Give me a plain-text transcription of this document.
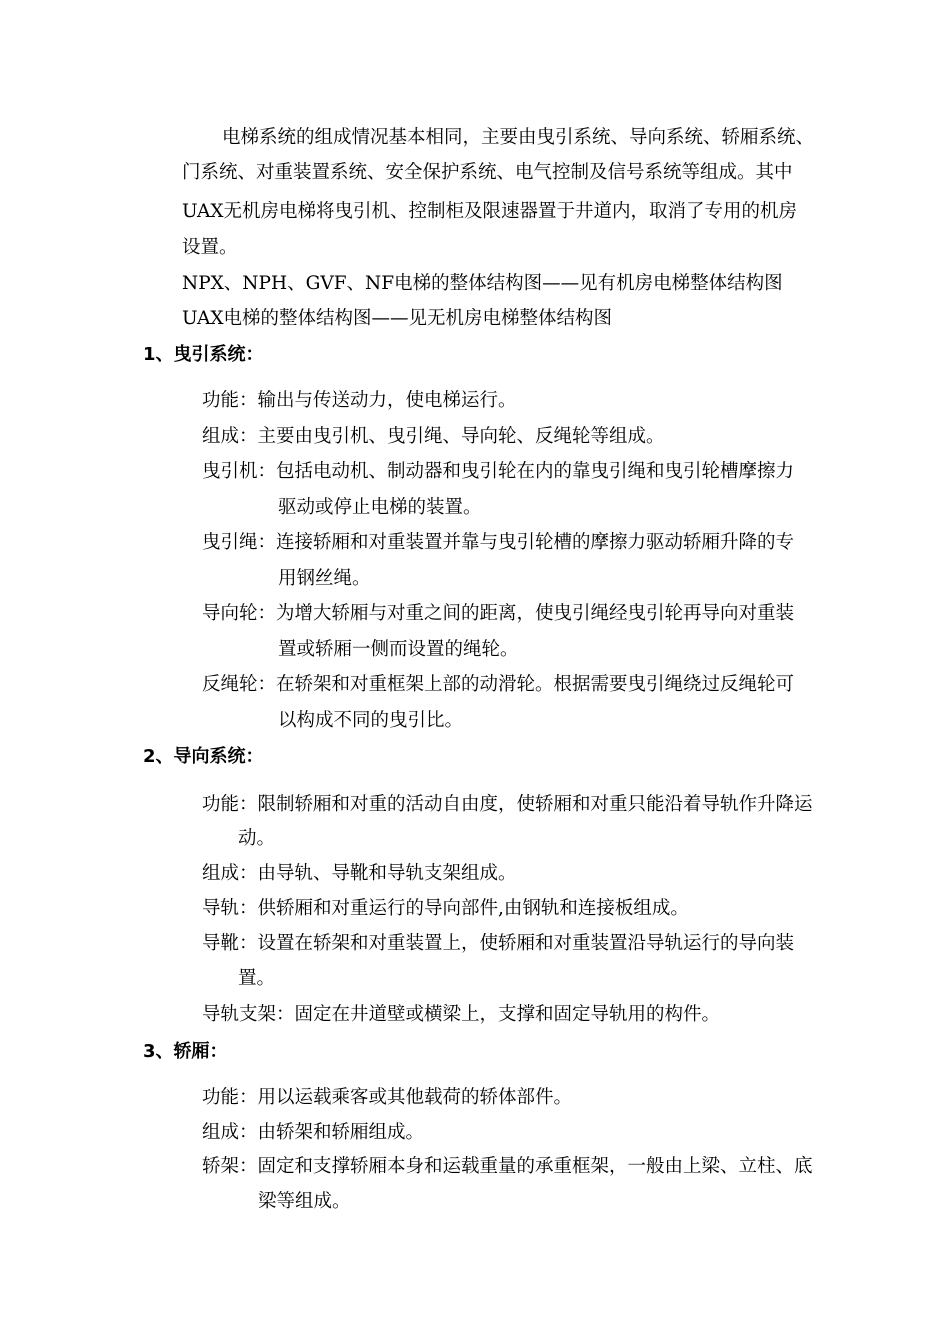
电梯系统的组成情况基本相同，主要由曳引系统、导向系统、轿厢系统、
门系统、对重装置系统、安全保护系统、电气控制及信号系统等组成。其中
UAX无机房电梯将曳引机、控制柜及限速器置于井道内，取消了专用的机房
设置。
NPX、NPH、GVF、NF电梯的整体结构图——见有机房电梯整体结构图
UAX电梯的整体结构图——见无机房电梯整体结构图
1、曳引系统：
功能：输出与传送动力，使电梯运行。
组成：主要由曳引机、曳引绳、导向轮、反绳轮等组成。
曳引机：包括电动机、制动器和曳引轮在内的靠曳引绳和曳引轮槽摩擦力
驱动或停止电梯的装置。
曳引绳：连接轿厢和对重装置并靠与曳引轮槽的摩擦力驱动轿厢升降的专
用钢丝绳。
导向轮：为增大轿厢与对重之间的距离，使曳引绳经曳引轮再导向对重装
置或轿厢一侧而设置的绳轮。
反绳轮：在轿架和对重框架上部的动滑轮。根据需要曳引绳绕过反绳轮可
以构成不同的曳引比。
2、导向系统：
功能：限制轿厢和对重的活动自由度，使轿厢和对重只能沿着导轨作升降运
动。
组成：由导轨、导靴和导轨支架组成。
导轨：供轿厢和对重运行的导向部件,由钢轨和连接板组成。
导靴：设置在轿架和对重装置上，使轿厢和对重装置沿导轨运行的导向装
置。
导轨支架：固定在井道壁或横梁上，支撑和固定导轨用的构件。
3、轿厢：
功能：用以运载乘客或其他载荷的轿体部件。
组成：由轿架和轿厢组成。
轿架：固定和支撑轿厢本身和运载重量的承重框架，一般由上梁、立柱、底
梁等组成。
